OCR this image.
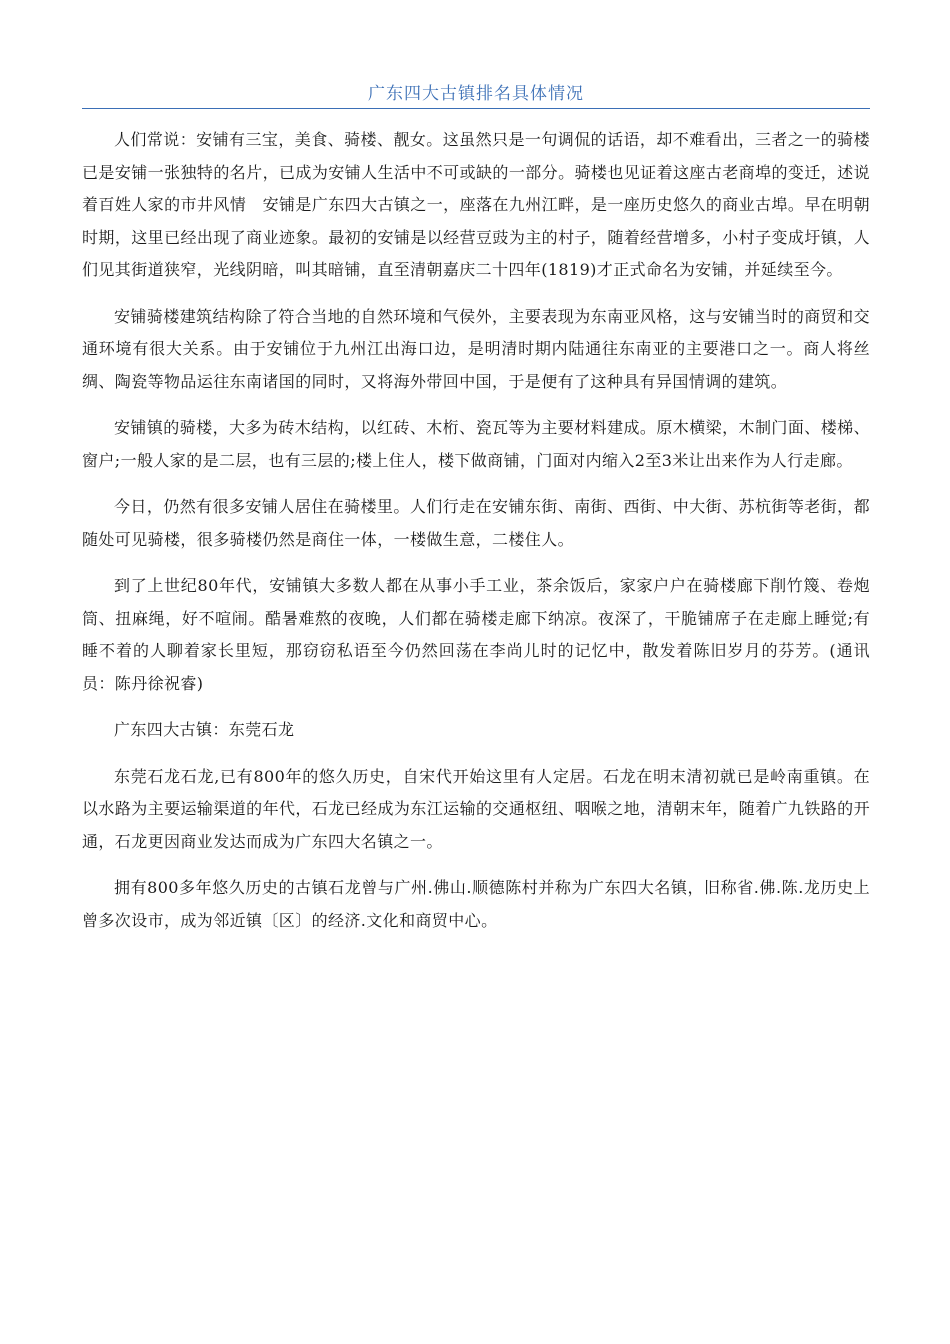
广东四大古镇排名具体情况

人们常说：安铺有三宝，美食、骑楼、靓女。这虽然只是一句调侃的话语，却不难看出，三者之一的骑楼已是安铺一张独特的名片，已成为安铺人生活中不可或缺的一部分。骑楼也见证着这座古老商埠的变迁，述说着百姓人家的市井风情　安铺是广东四大古镇之一，座落在九州江畔，是一座历史悠久的商业古埠。早在明朝时期，这里已经出现了商业迹象。最初的安铺是以经营豆豉为主的村子，随着经营增多，小村子变成圩镇，人们见其街道狭窄，光线阴暗，叫其暗铺，直至清朝嘉庆二十四年(1819)才正式命名为安铺，并延续至今。

安铺骑楼建筑结构除了符合当地的自然环境和气侯外，主要表现为东南亚风格，这与安铺当时的商贸和交通环境有很大关系。由于安铺位于九州江出海口边，是明清时期内陆通往东南亚的主要港口之一。商人将丝绸、陶瓷等物品运往东南诸国的同时，又将海外带回中国，于是便有了这种具有异国情调的建筑。

安铺镇的骑楼，大多为砖木结构，以红砖、木桁、瓷瓦等为主要材料建成。原木横梁，木制门面、楼梯、窗户;一般人家的是二层，也有三层的;楼上住人，楼下做商铺，门面对内缩入2至3米让出来作为人行走廊。

今日，仍然有很多安铺人居住在骑楼里。人们行走在安铺东街、南街、西街、中大街、苏杭街等老街，都随处可见骑楼，很多骑楼仍然是商住一体，一楼做生意，二楼住人。

到了上世纪80年代，安铺镇大多数人都在从事小手工业，茶余饭后，家家户户在骑楼廊下削竹篾、卷炮筒、扭麻绳，好不喧闹。酷暑难熬的夜晚，人们都在骑楼走廊下纳凉。夜深了，干脆铺席子在走廊上睡觉;有睡不着的人聊着家长里短，那窃窃私语至今仍然回荡在李尚儿时的记忆中，散发着陈旧岁月的芬芳。(通讯员：陈丹徐祝睿)

广东四大古镇：东莞石龙

东莞石龙石龙,已有800年的悠久历史，自宋代开始这里有人定居。石龙在明末清初就已是岭南重镇。在以水路为主要运输渠道的年代，石龙已经成为东江运输的交通枢纽、咽喉之地，清朝末年，随着广九铁路的开通，石龙更因商业发达而成为广东四大名镇之一。

拥有800多年悠久历史的古镇石龙曾与广州.佛山.顺德陈村并称为广东四大名镇，旧称省.佛.陈.龙历史上曾多次设市，成为邻近镇〔区〕的经济.文化和商贸中心。
